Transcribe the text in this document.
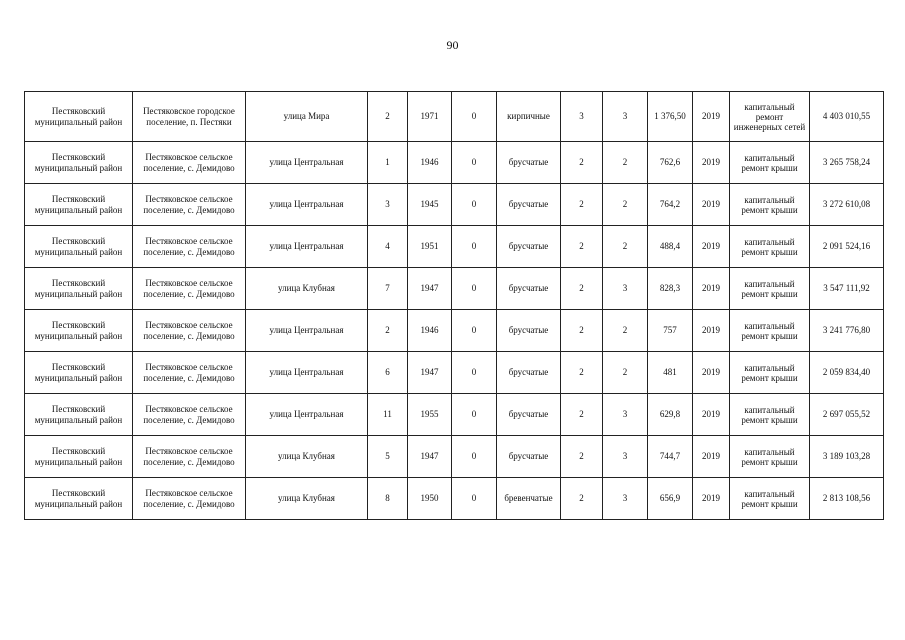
90
Пестяковский муниципальный район	Пестяковское городское поселение, п. Пестяки	улица Мира	2	1971	0	кирпичные	3	3	1 376,50	2019	капитальный ремонт инженерных сетей	4 403 010,55
Пестяковский муниципальный район	Пестяковское сельское поселение, с. Демидово	улица Центральная	1	1946	0	брусчатые	2	2	762,6	2019	капитальный ремонт крыши	3 265 758,24
Пестяковский муниципальный район	Пестяковское сельское поселение, с. Демидово	улица Центральная	3	1945	0	брусчатые	2	2	764,2	2019	капитальный ремонт крыши	3 272 610,08
Пестяковский муниципальный район	Пестяковское сельское поселение, с. Демидово	улица Центральная	4	1951	0	брусчатые	2	2	488,4	2019	капитальный ремонт крыши	2 091 524,16
Пестяковский муниципальный район	Пестяковское сельское поселение, с. Демидово	улица Клубная	7	1947	0	брусчатые	2	3	828,3	2019	капитальный ремонт крыши	3 547 111,92
Пестяковский муниципальный район	Пестяковское сельское поселение, с. Демидово	улица Центральная	2	1946	0	брусчатые	2	2	757	2019	капитальный ремонт крыши	3 241 776,80
Пестяковский муниципальный район	Пестяковское сельское поселение, с. Демидово	улица Центральная	6	1947	0	брусчатые	2	2	481	2019	капитальный ремонт крыши	2 059 834,40
Пестяковский муниципальный район	Пестяковское сельское поселение, с. Демидово	улица Центральная	11	1955	0	брусчатые	2	3	629,8	2019	капитальный ремонт крыши	2 697 055,52
Пестяковский муниципальный район	Пестяковское сельское поселение, с. Демидово	улица Клубная	5	1947	0	брусчатые	2	3	744,7	2019	капитальный ремонт крыши	3 189 103,28
Пестяковский муниципальный район	Пестяковское сельское поселение, с. Демидово	улица Клубная	8	1950	0	бревенчатые	2	3	656,9	2019	капитальный ремонт крыши	2 813 108,56
